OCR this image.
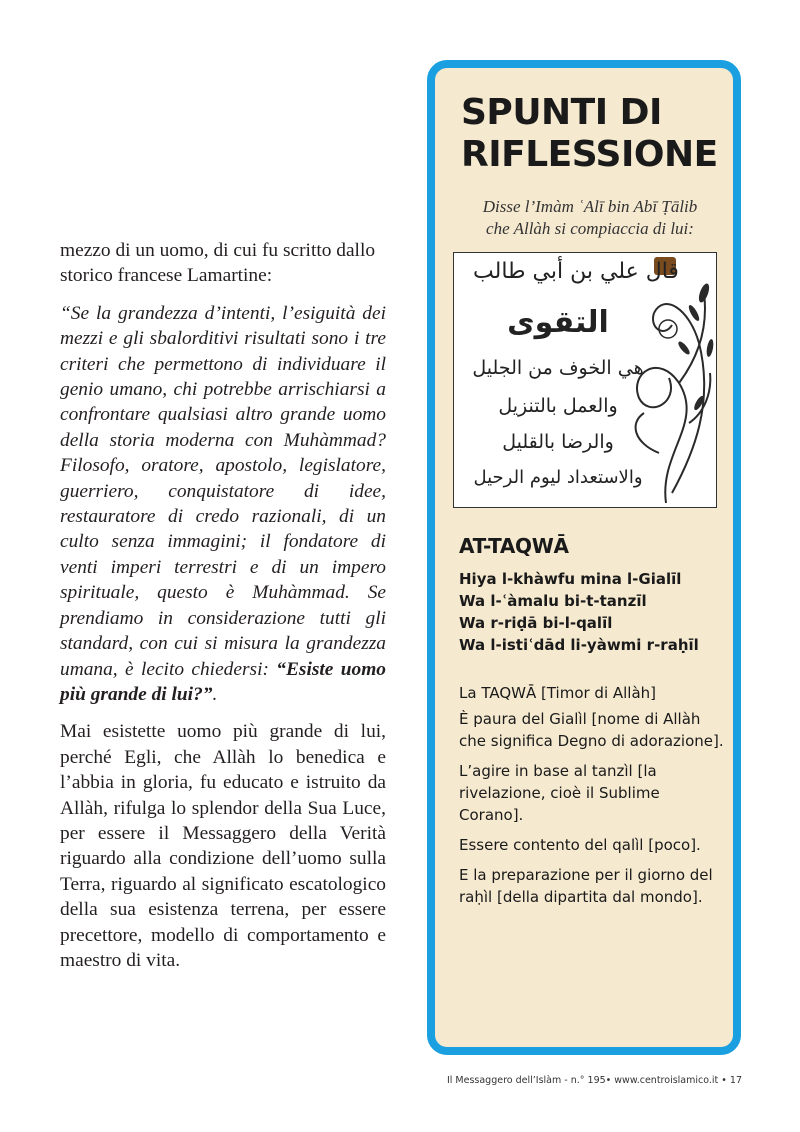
mezzo di un uomo, di cui fu scritto dallo storico francese Lamartine:

“Se la grandezza d’intenti, l’esiguità dei mezzi e gli sbalorditivi risultati sono i tre criteri che permettono di individuare il genio umano, chi potrebbe arrischiarsi a confrontare qualsiasi altro grande uomo della storia moderna con Muhàmmad? Filosofo, oratore, apostolo, legislatore, guerriero, conquistatore di idee, restauratore di credo razionali, di un culto senza immagini; il fondatore di venti imperi terrestri e di un impero spirituale, questo è Muhàmmad. Se prendiamo in considerazione tutti gli standard, con cui si misura la grandezza umana, è lecito chiedersi: “Esiste uomo più grande di lui?”.

Mai esistette uomo più grande di lui, perché Egli, che Allàh lo benedica e l’abbia in gloria, fu educato e istruito da Allàh, rifulga lo splendor della Sua Luce, per essere il Messaggero della Verità riguardo alla condizione dell’uomo sulla Terra, riguardo al significato escatologico della sua esistenza terrena, per essere precettore, modello di comportamento e maestro di vita.

SPUNTI DI
RIFLESSIONE
Disse l’Imàm ʿAlī bin Abī Ṭālib
che Allàh si compiaccia di lui:
قال علي بن أبي طالب
التقوى
هي الخوف من الجليل
والعمل بالتنزيل
والرضا بالقليل
والاستعداد ليوم الرحيل
AT-TAQWĀ
Hiya l-khàwfu mina l-Gialīl
Wa l-ʿàmalu bi-t-tanzīl
Wa r-riḍā bi-l-qalīl
Wa l-istiʿdād li-yàwmi r-raḥīl

La TAQWĀ [Timor di Allàh]

È paura del Gialìl [nome di Allàh che significa Degno di adorazione].

L’agire in base al tanzìl [la rivelazione, cioè il Sublime Corano].

Essere contento del qalìl [poco].

E la preparazione per il giorno del raḥìl [della dipartita dal mondo].

Il Messaggero dell’Islàm - n.° 195• www.centroislamico.it • 17
